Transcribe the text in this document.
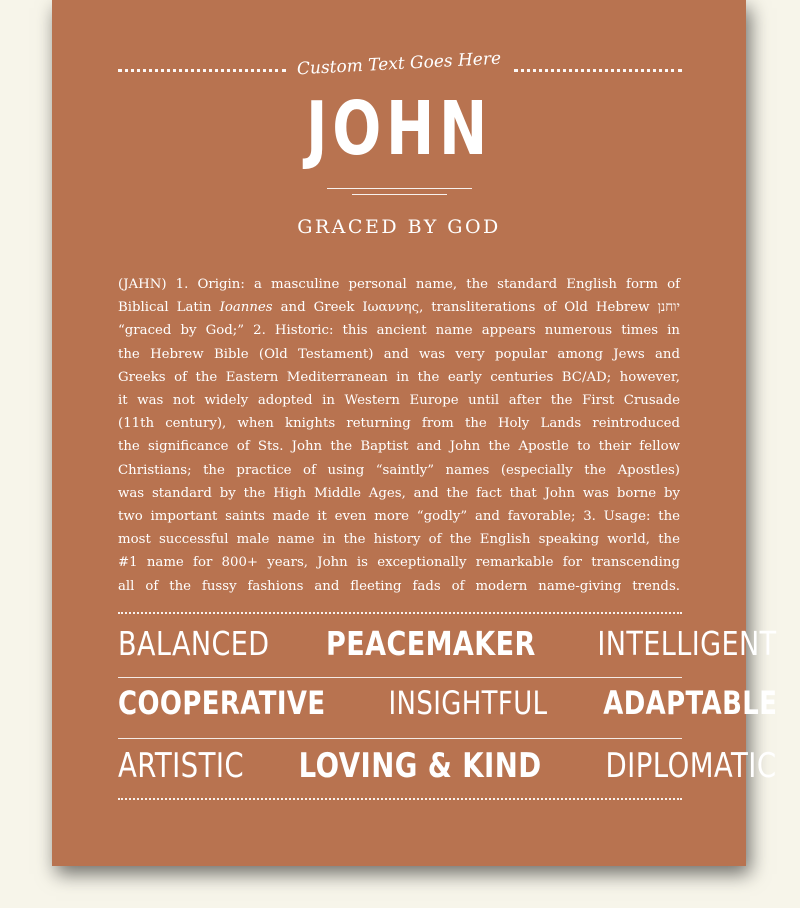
Custom Text Goes Here
JOHN
GRACED BY GOD
(JAHN) 1. Origin: a masculine personal name, the standard English form of
Biblical Latin Ioannes and Greek Ιωαννης, transliterations of Old Hebrew יוחנן
“graced by God;” 2. Historic: this ancient name appears numerous times in
the Hebrew Bible (Old Testament) and was very popular among Jews and
Greeks of the Eastern Mediterranean in the early centuries BC/AD; however,
it was not widely adopted in Western Europe until after the First Crusade
(11th century), when knights returning from the Holy Lands reintroduced
the significance of Sts. John the Baptist and John the Apostle to their fellow
Christians; the practice of using “saintly” names (especially the Apostles)
was standard by the High Middle Ages, and the fact that John was borne by
two important saints made it even more “godly” and favorable; 3. Usage: the
most successful male name in the history of the English speaking world, the
#1 name for 800+ years, John is exceptionally remarkable for transcending
all of the fussy fashions and fleeting fads of modern name-giving trends.
BALANCED PEACEMAKER INTELLIGENT
COOPERATIVE INSIGHTFUL ADAPTABLE
ARTISTIC LOVING & KIND DIPLOMATIC
